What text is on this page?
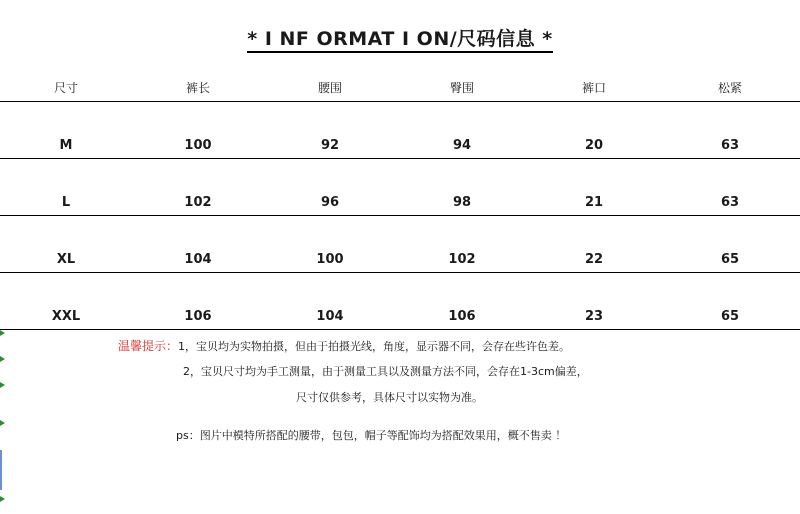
* I NF ORMAT I ON/尺码信息 *
尺寸	裤长	腰围	臀围	裤口	松紧
M	100	92	94	20	63
L	102	96	98	21	63
XL	104	100	102	22	65
XXL	106	104	106	23	65
温馨提示：1，宝贝均为实物拍摄，但由于拍摄光线，角度，显示器不同，会存在些许色差。
2，宝贝尺寸均为手工测量，由于测量工具以及测量方法不同，会存在1-3cm偏差，
尺寸仅供参考，具体尺寸以实物为准。
ps：图片中模特所搭配的腰带，包包，帽子等配饰均为搭配效果用，概不售卖 ！
